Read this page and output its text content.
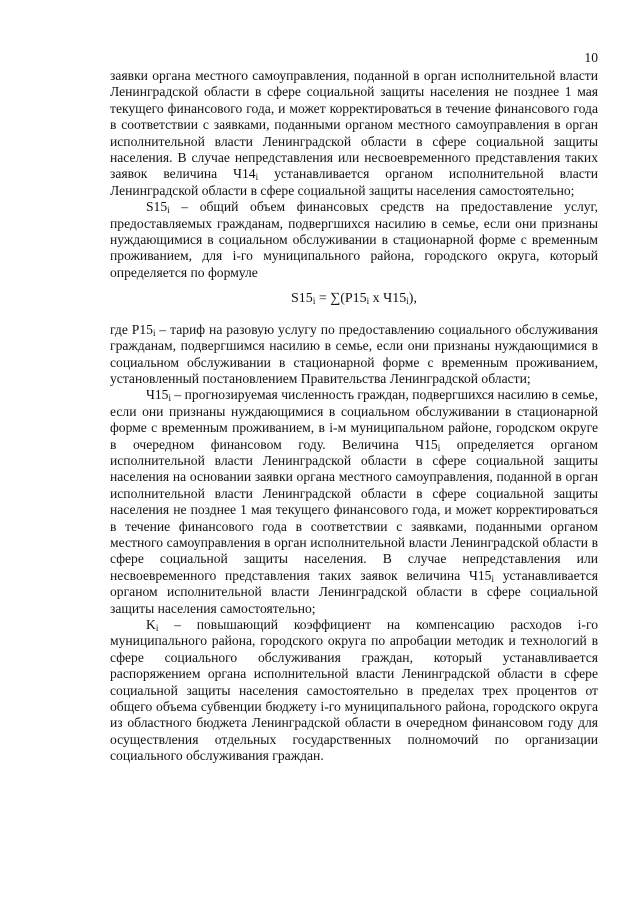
10

заявки органа местного самоуправления, поданной в орган исполнительной власти Ленинградской области в сфере социальной защиты населения не позднее 1 мая текущего финансового года, и может корректироваться в течение финансового года в соответствии с заявками, поданными органом местного самоуправления в орган исполнительной власти Ленинградской области в сфере социальной защиты населения. В случае непредставления или несвоевременного представления таких заявок величина $Ч14_i$ устанавливается органом исполнительной власти Ленинградской области в сфере социальной защиты населения самостоятельно;

$S15_i$ – общий объем финансовых средств на предоставление услуг, предоставляемых гражданам, подвергшихся насилию в семье, если они признаны нуждающимися в социальном обслуживании в стационарной форме с временным проживанием, для i-го муниципального района, городского округа, который определяется по формуле

$S15_i = \sum(P15_i$ x $Ч15_i$),

где $P15_i$ – тариф на разовую услугу по предоставлению социального обслуживания гражданам, подвергшимся насилию в семье, если они признаны нуждающимися в социальном обслуживании в стационарной форме с временным проживанием, установленный постановлением Правительства Ленинградской области;

$Ч15_i$ – прогнозируемая численность граждан, подвергшихся насилию в семье, если они признаны нуждающимися в социальном обслуживании в стационарной форме с временным проживанием, в i-м муниципальном районе, городском округе в очередном финансовом году. Величина $Ч15_i$ определяется органом исполнительной власти Ленинградской области в сфере социальной защиты населения на основании заявки органа местного самоуправления, поданной в орган исполнительной власти Ленинградской области в сфере социальной защиты населения не позднее 1 мая текущего финансового года, и может корректироваться в течение финансового года в соответствии с заявками, поданными органом местного самоуправления в орган исполнительной власти Ленинградской области в сфере социальной защиты населения. В случае непредставления или несвоевременного представления таких заявок величина $Ч15_i$ устанавливается органом исполнительной власти Ленинградской области в сфере социальной защиты населения самостоятельно;

$K_i$ – повышающий коэффициент на компенсацию расходов i-го муниципального района, городского округа по апробации методик и технологий в сфере социального обслуживания граждан, который устанавливается распоряжением органа исполнительной власти Ленинградской области в сфере социальной защиты населения самостоятельно в пределах трех процентов от общего объема субвенции бюджету i-го муниципального района, городского округа из областного бюджета Ленинградской области в очередном финансовом году для осуществления отдельных государственных полномочий по организации социального обслуживания граждан.
